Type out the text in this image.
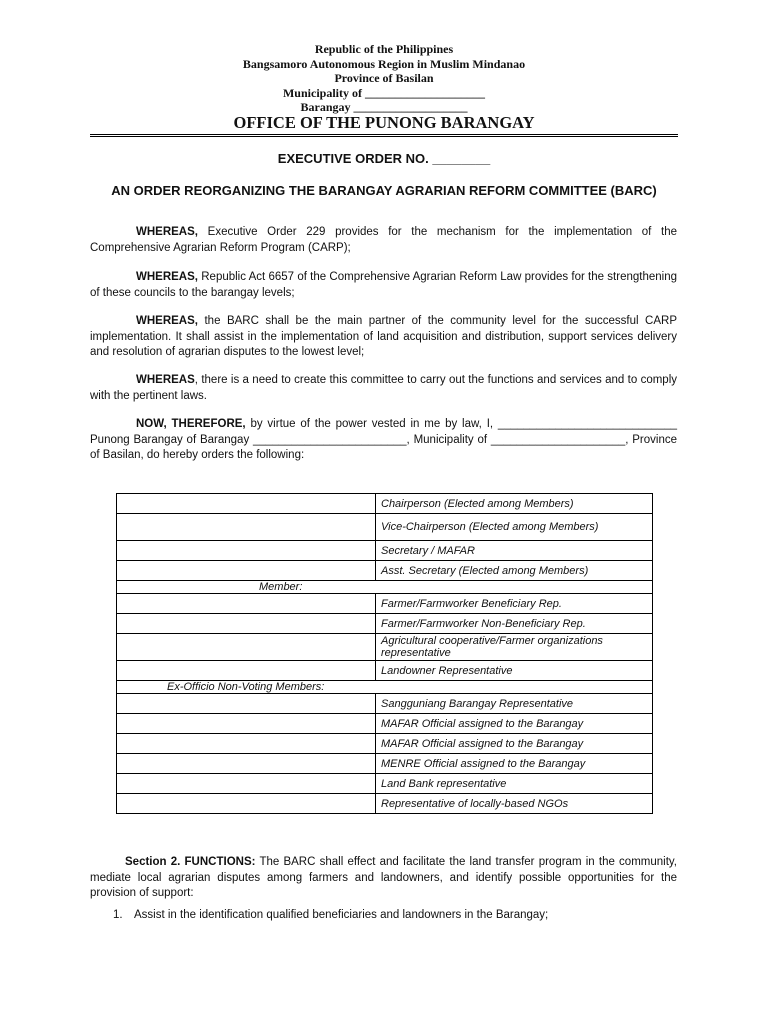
Republic of the Philippines
Bangsamoro Autonomous Region in Muslim Mindanao
Province of Basilan
Municipality of ____________________
Barangay ___________________
OFFICE OF THE PUNONG BARANGAY
EXECUTIVE ORDER NO. ________
AN ORDER REORGANIZING THE BARANGAY AGRARIAN REFORM COMMITTEE (BARC)

WHEREAS, Executive Order 229 provides for the mechanism for the implementation of the Comprehensive Agrarian Reform Program (CARP);

WHEREAS, Republic Act 6657 of the Comprehensive Agrarian Reform Law provides for the strengthening of these councils to the barangay levels;

WHEREAS, the BARC shall be the main partner of the community level for the successful CARP implementation. It shall assist in the implementation of land acquisition and distribution, support services delivery and resolution of agrarian disputes to the lowest level;

WHEREAS, there is a need to create this committee to carry out the functions and services and to comply with the pertinent laws.

NOW, THEREFORE, by virtue of the power vested in me by law, I, ____________________________ Punong Barangay of Barangay ________________________, Municipality of _____________________, Province of Basilan, do hereby orders the following:

	Chairperson (Elected among Members)
	Vice-Chairperson (Elected among Members)
	Secretary / MAFAR
	Asst. Secretary (Elected among Members)
Member:	
	Farmer/Farmworker Beneficiary Rep.
	Farmer/Farmworker Non-Beneficiary Rep.
	Agricultural cooperative/Farmer organizations representative
	Landowner Representative
Ex-Officio Non-Voting Members:	
	Sangguniang Barangay Representative
	MAFAR Official assigned to the Barangay
	MAFAR Official assigned to the Barangay
	MENRE Official assigned to the Barangay
	Land Bank representative
	Representative of locally-based NGOs

Section 2. FUNCTIONS: The BARC shall effect and facilitate the land transfer program in the community, mediate local agrarian disputes among farmers and landowners, and identify possible opportunities for the provision of support:

1. Assist in the identification qualified beneficiaries and landowners in the Barangay;
